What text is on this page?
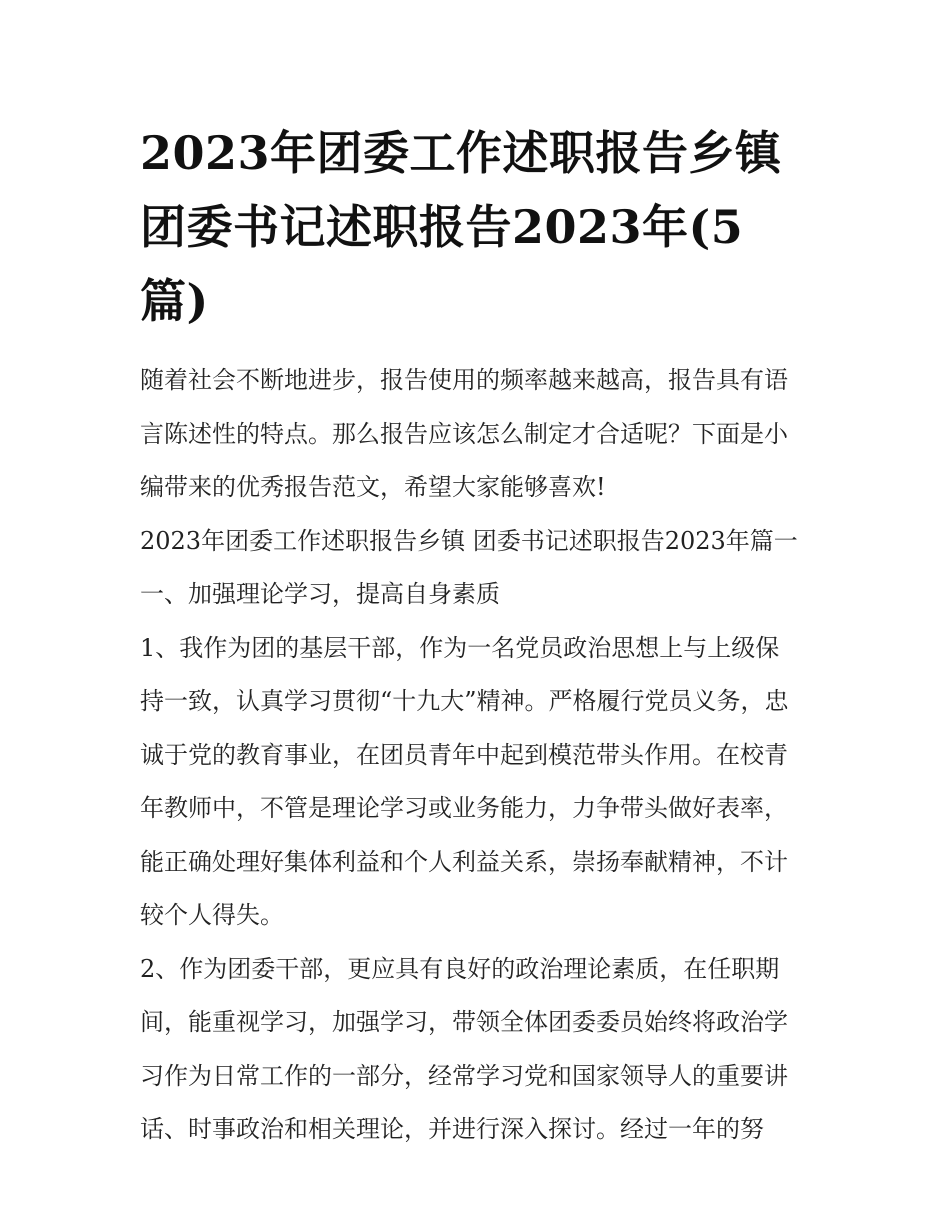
2023年团委工作述职报告乡镇
团委书记述职报告2023年(5
篇)

随着社会不断地进步，报告使用的频率越来越高，报告具有语
言陈述性的特点。那么报告应该怎么制定才合适呢？下面是小
编带来的优秀报告范文，希望大家能够喜欢!

2023年团委工作述职报告乡镇 团委书记述职报告2023年篇一

一、加强理论学习，提高自身素质

1、我作为团的基层干部，作为一名党员政治思想上与上级保
持一致，认真学习贯彻“十九大”精神。严格履行党员义务，忠
诚于党的教育事业，在团员青年中起到模范带头作用。在校青
年教师中，不管是理论学习或业务能力，力争带头做好表率，
能正确处理好集体利益和个人利益关系，崇扬奉献精神，不计
较个人得失。

2、作为团委干部，更应具有良好的政治理论素质，在任职期
间，能重视学习，加强学习，带领全体团委委员始终将政治学
习作为日常工作的一部分，经常学习党和国家领导人的重要讲
话、时事政治和相关理论，并进行深入探讨。经过一年的努
